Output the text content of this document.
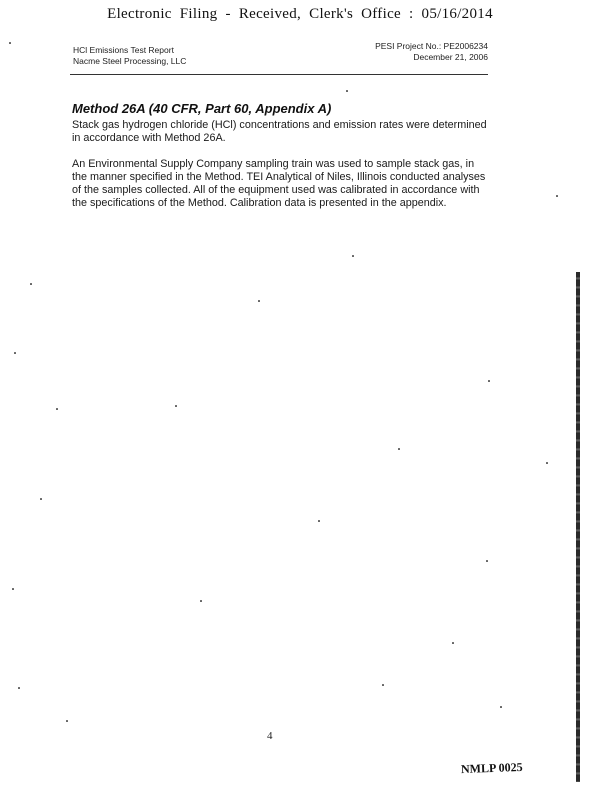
Electronic Filing - Received, Clerk's Office : 05/16/2014
HCl Emissions Test Report
Nacme Steel Processing, LLC
PESI Project No.: PE2006234
December 21, 2006
Method 26A (40 CFR, Part 60, Appendix A)

Stack gas hydrogen chloride (HCl) concentrations and emission rates were determined in accordance with Method 26A.

An Environmental Supply Company sampling train was used to sample stack gas, in the manner specified in the Method. TEI Analytical of Niles, Illinois conducted analyses of the samples collected. All of the equipment used was calibrated in accordance with the specifications of the Method. Calibration data is presented in the appendix.

4
NMLP 0025
